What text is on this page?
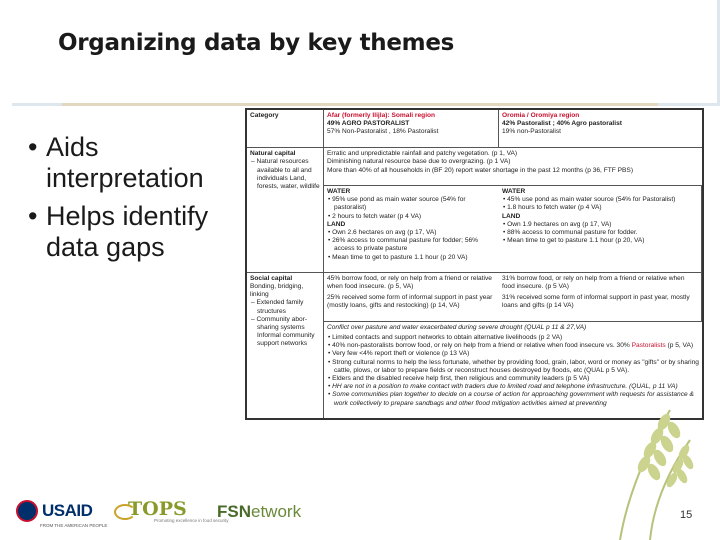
Organizing data by key themes
• Aids interpretation
• Helps identify data gaps
Category	Afar (formerly Ilijla): Somali region
49% AGRO PASTORALIST
57% Non-Pastoralist , 18% Pastoralist
Oromia / Oromiya region
42% Pastoralist ; 40% Agro pastoralist
19% non-Pastoralist
Natural capital
– Natural resources available to all and individuals Land, forests, water, wildlife
Erratic and unpredictable rainfall and patchy vegetation. (p 1, VA)
Diminishing natural resource base due to overgrazing. (p 1 VA)
More than 40% of all households in (BF 20) report water shortage in the past 12 months (p 36, FTF PBS)
WATER
• 95% use pond as main water source (54% for pastoralist)
• 2 hours to fetch water (p 4 VA)
LAND
• Own 2.6 hectares on avg (p 17, VA)
• 26% access to communal pasture for fodder; 56% access to private pasture
• Mean time to get to pasture 1.1 hour (p 20 VA)
WATER
• 45% use pond as main water source (54% for Pastoralist)
• 1.8 hours to fetch water (p 4 VA)
LAND
• Own 1.9 hectares on avg (p 17, VA)
• 88% access to communal pasture for fodder.
• Mean time to get to pasture 1.1 hour (p 20, VA)
Social capital
Bonding, bridging, linking
– Extended family structures
– Community abor-sharing systems Informal community support networks
45% borrow food, or rely on help from a friend or relative when food insecure. (p 5, VA)
25% received some form of informal support in past year (mostly loans, gifts and restocking) (p 14, VA)
31% borrow food, or rely on help from a friend or relative when food insecure. (p 5 VA)
31% received some form of informal support in past year, mostly loans and gifts (p 14 VA)
Conflict over pasture and water exacerbated during severe drought (QUAL p 11 & 27,VA)
• Limited contacts and support networks to obtain alternative livelihoods (p 2 VA)
• 40% non-pastoralists borrow food, or rely on help from a friend or relative when food insecure vs. 30% Pastoralists (p 5, VA)
• Very few <4% report theft or violence (p 13 VA)
• Strong cultural norms to help the less fortunate, whether by providing food, grain, labor, word or money as "gifts" or by sharing cattle, plows, or labor to prepare fields or reconstruct houses destroyed by floods, etc (QUAL p 5 VA).
• Elders and the disabled receive help first, then religious and community leaders (p 5 VA)
• HH are not in a position to make contact with traders due to limited road and telephone infrastructure. (QUAL, p 11 VA)
• Some communities plan together to decide on a course of action for approaching government with requests for assistance & work collectively to prepare sandbags and other flood mitigation activities aimed at preventing
USAID
FROM THE AMERICAN PEOPLE
TOPS
Promoting excellence in food security
FSNetwork	15
